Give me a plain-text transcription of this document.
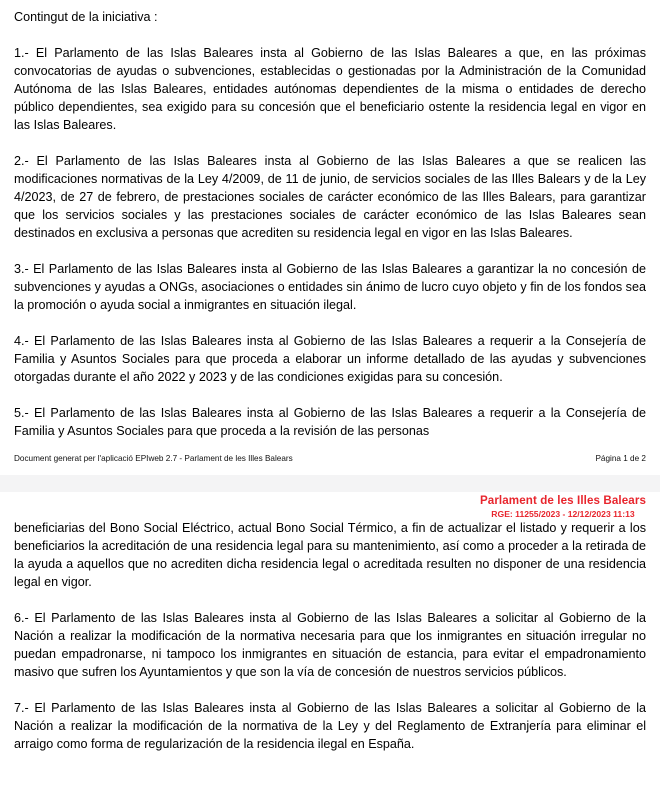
Contingut de la iniciativa :

1.- El Parlamento de las Islas Baleares insta al Gobierno de las Islas Baleares a que, en las próximas convocatorias de ayudas o subvenciones, establecidas o gestionadas por la Administración de la Comunidad Autónoma de las Islas Baleares, entidades autónomas dependientes de la misma o entidades de derecho público dependientes, sea exigido para su concesión que el beneficiario ostente la residencia legal en vigor en las Islas Baleares.

2.- El Parlamento de las Islas Baleares insta al Gobierno de las Islas Baleares a que se realicen las modificaciones normativas de la Ley 4/2009, de 11 de junio, de servicios sociales de las Illes Balears y de la Ley 4/2023, de 27 de febrero, de prestaciones sociales de carácter económico de las Illes Balears, para garantizar que los servicios sociales y las prestaciones sociales de carácter económico de las Islas Baleares sean destinados en exclusiva a personas que acrediten su residencia legal en vigor en las Islas Baleares.

3.- El Parlamento de las Islas Baleares insta al Gobierno de las Islas Baleares a garantizar la no concesión de subvenciones y ayudas a ONGs, asociaciones o entidades sin ánimo de lucro cuyo objeto y fin de los fondos sea la promoción o ayuda social a inmigrantes en situación ilegal.

4.- El Parlamento de las Islas Baleares insta al Gobierno de las Islas Baleares a requerir a la Consejería de Familia y Asuntos Sociales para que proceda a elaborar un informe detallado de las ayudas y subvenciones otorgadas durante el año 2022 y 2023 y de las condiciones exigidas para su concesión.

5.- El Parlamento de las Islas Baleares insta al Gobierno de las Islas Baleares a requerir a la Consejería de Familia y Asuntos Sociales para que proceda a la revisión de las personas

Document generat per l'aplicació EPIweb 2.7 - Parlament de les Illes Balears	Página 1 de 2
Parlament de les Illes Balears
RGE: 11255/2023 - 12/12/2023 11:13

beneficiarias del Bono Social Eléctrico, actual Bono Social Térmico, a fin de actualizar el listado y requerir a los beneficiarios la acreditación de una residencia legal para su mantenimiento, así como a proceder a la retirada de la ayuda a aquellos que no acrediten dicha residencia legal o acreditada resulten no disponer de una residencia legal en vigor.

6.- El Parlamento de las Islas Baleares insta al Gobierno de las Islas Baleares a solicitar al Gobierno de la Nación a realizar la modificación de la normativa necesaria para que los inmigrantes en situación irregular no puedan empadronarse, ni tampoco los inmigrantes en situación de estancia, para evitar el empadronamiento masivo que sufren los Ayuntamientos y que son la vía de concesión de nuestros servicios públicos.

7.- El Parlamento de las Islas Baleares insta al Gobierno de las Islas Baleares a solicitar al Gobierno de la Nación a realizar la modificación de la normativa de la Ley y del Reglamento de Extranjería para eliminar el arraigo como forma de regularización de la residencia ilegal en España.
